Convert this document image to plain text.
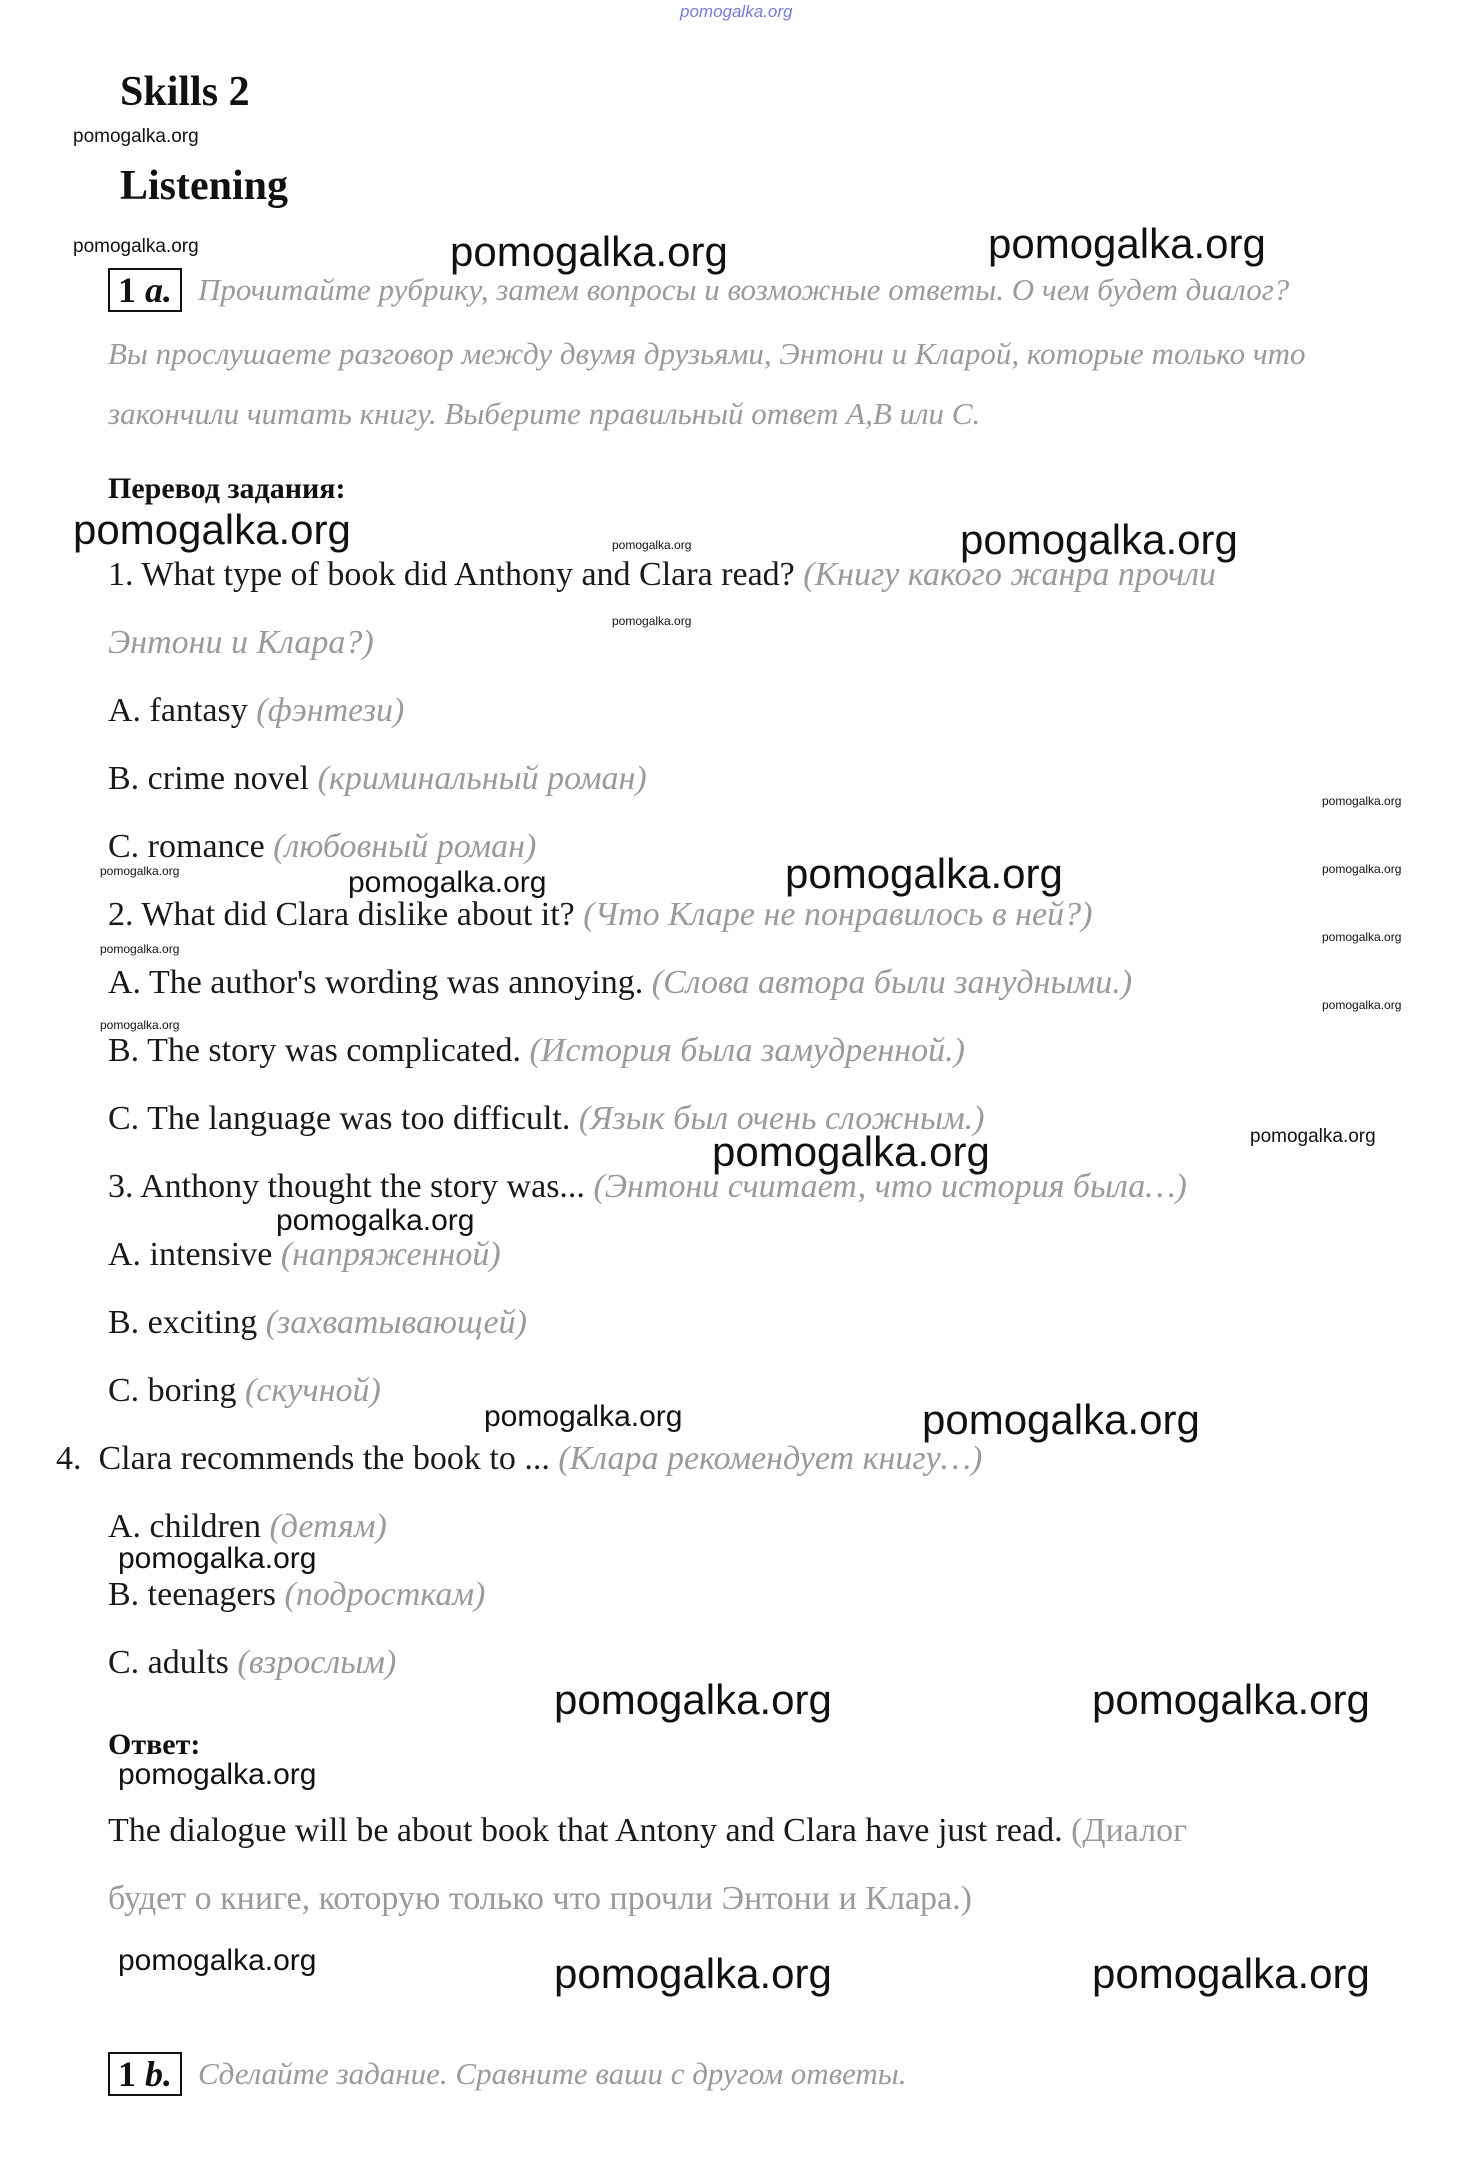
pomogalka.org
Skills 2
pomogalka.org
Listening
pomogalka.org	pomogalka.org	pomogalka.org
1 a. Прочитайте рубрику, затем вопросы и возможные ответы. О чем будет диалог?
Вы прослушаете разговор между двумя друзьями, Энтони и Кларой, которые только что
закончили читать книгу. Выберите правильный ответ А,В или С.
Перевод задания:
pomogalka.org	pomogalka.org	pomogalka.org
1. What type of book did Anthony and Clara read? (Книгу какого жанра прочли
pomogalka.org
Энтони и Клара?)
A. fantasy (фэнтези)
B. crime novel (криминальный роман)
pomogalka.org
C. romance (любовный роман)
pomogalka.org	pomogalka.org	pomogalka.org	pomogalka.org
2. What did Clara dislike about it? (Что Кларе не понравилось в ней?)
pomogalka.org
pomogalka.org
A. The author's wording was annoying. (Слова автора были занудными.)
pomogalka.org
pomogalka.org
B. The story was complicated. (История была замудренной.)
C. The language was too difficult. (Язык был очень сложным.)	pomogalka.org
pomogalka.org
3. Anthony thought the story was... (Энтони считает, что история была…)
pomogalka.org
A. intensive (напряженной)
B. exciting (захватывающей)
C. boring (скучной)
pomogalka.org	pomogalka.org
4. Clara recommends the book to ... (Клара рекомендует книгу…)
A. children (детям)
pomogalka.org
B. teenagers (подросткам)
C. adults (взрослым)
pomogalka.org	pomogalka.org
Ответ:
pomogalka.org
The dialogue will be about book that Antony and Clara have just read. (Диалог
будет о книге, которую только что прочли Энтони и Клара.)
pomogalka.org	pomogalka.org	pomogalka.org
1 b. Сделайте задание. Сравните ваши с другом ответы.
